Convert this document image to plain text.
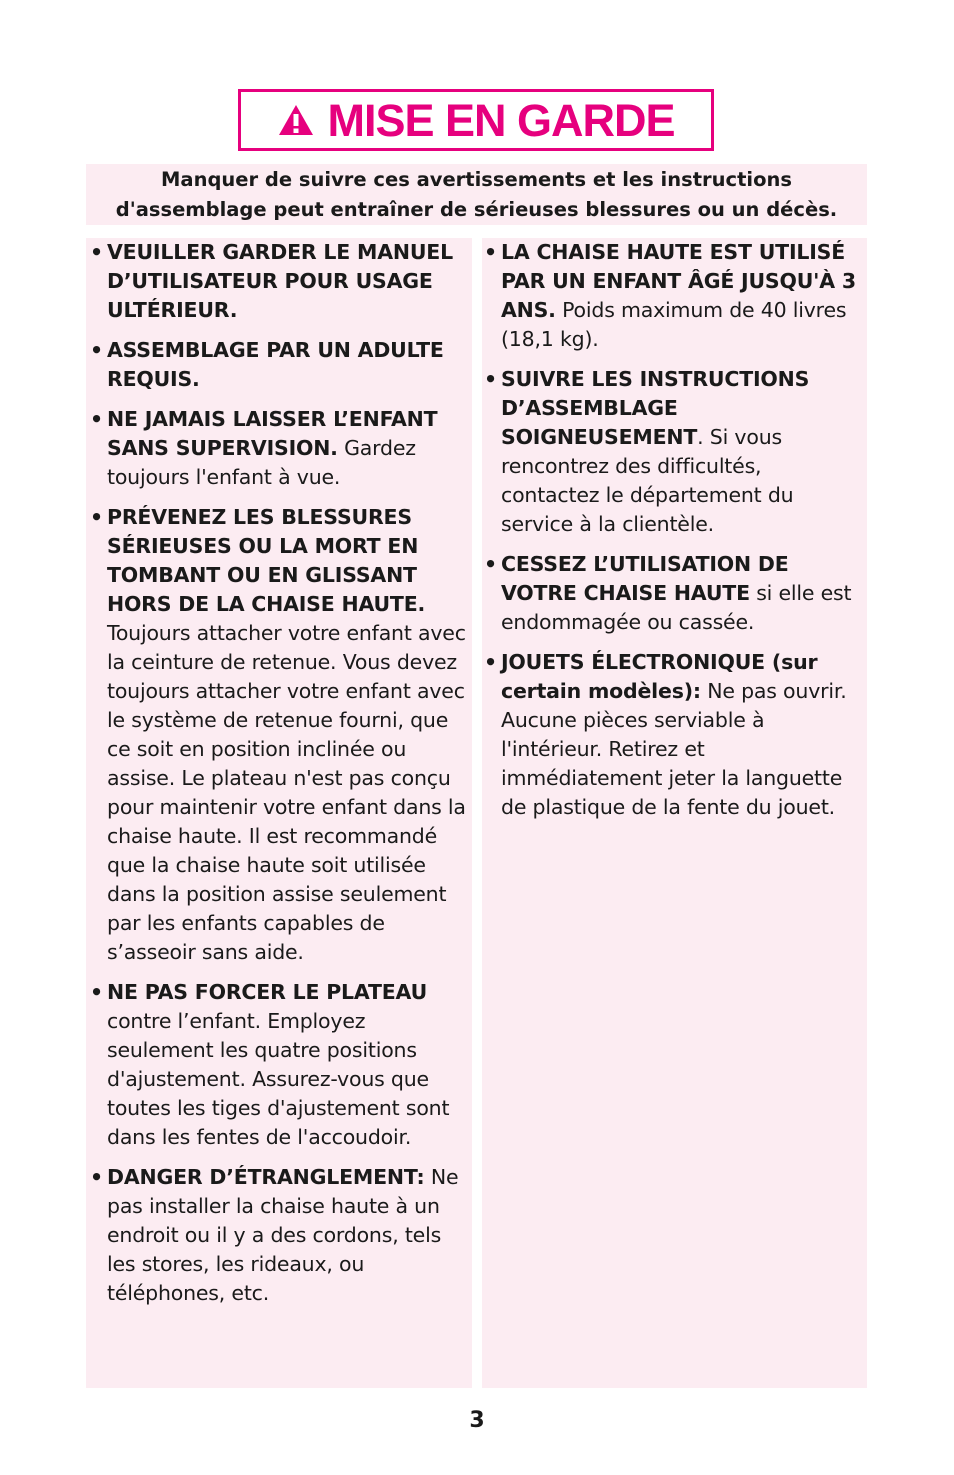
MISE EN GARDE
Manquer de suivre ces avertissements et les instructions
d'assemblage peut entraîner de sérieuses blessures ou un décès.
• VEUILLER GARDER LE MANUEL D’UTILISATEUR POUR USAGE ULTÉRIEUR.
• ASSEMBLAGE PAR UN ADULTE REQUIS.
• NE JAMAIS LAISSER L’ENFANT SANS SUPERVISION. Gardez toujours l'enfant à vue.
• PRÉVENEZ LES BLESSURES SÉRIEUSES OU LA MORT EN TOMBANT OU EN GLISSANT HORS DE LA CHAISE HAUTE. Toujours attacher votre enfant avec la ceinture de retenue. Vous devez toujours attacher votre enfant avec le système de retenue fourni, que ce soit en position inclinée ou assise. Le plateau n'est pas conçu pour maintenir votre enfant dans la chaise haute. Il est recommandé que la chaise haute soit utilisée dans la position assise seulement par les enfants capables de s’asseoir sans aide.
• NE PAS FORCER LE PLATEAU contre l’enfant. Employez seulement les quatre positions d'ajustement. Assurez-vous que toutes les tiges d'ajustement sont dans les fentes de l'accoudoir.
• DANGER D’ÉTRANGLEMENT: Ne pas installer la chaise haute à un endroit ou il y a des cordons, tels les stores, les rideaux, ou téléphones, etc.
• LA CHAISE HAUTE EST UTILISÉ PAR UN ENFANT ÂGÉ JUSQU'À 3 ANS. Poids maximum de 40 livres (18,1 kg).
• SUIVRE LES INSTRUCTIONS D’ASSEMBLAGE SOIGNEUSEMENT. Si vous rencontrez des difficultés, contactez le département du service à la clientèle.
• CESSEZ L’UTILISATION DE VOTRE CHAISE HAUTE si elle est endommagée ou cassée.
• JOUETS ÉLECTRONIQUE (sur certain modèles): Ne pas ouvrir. Aucune pièces serviable à l'intérieur. Retirez et immédiatement jeter la languette de plastique de la fente du jouet.
3
